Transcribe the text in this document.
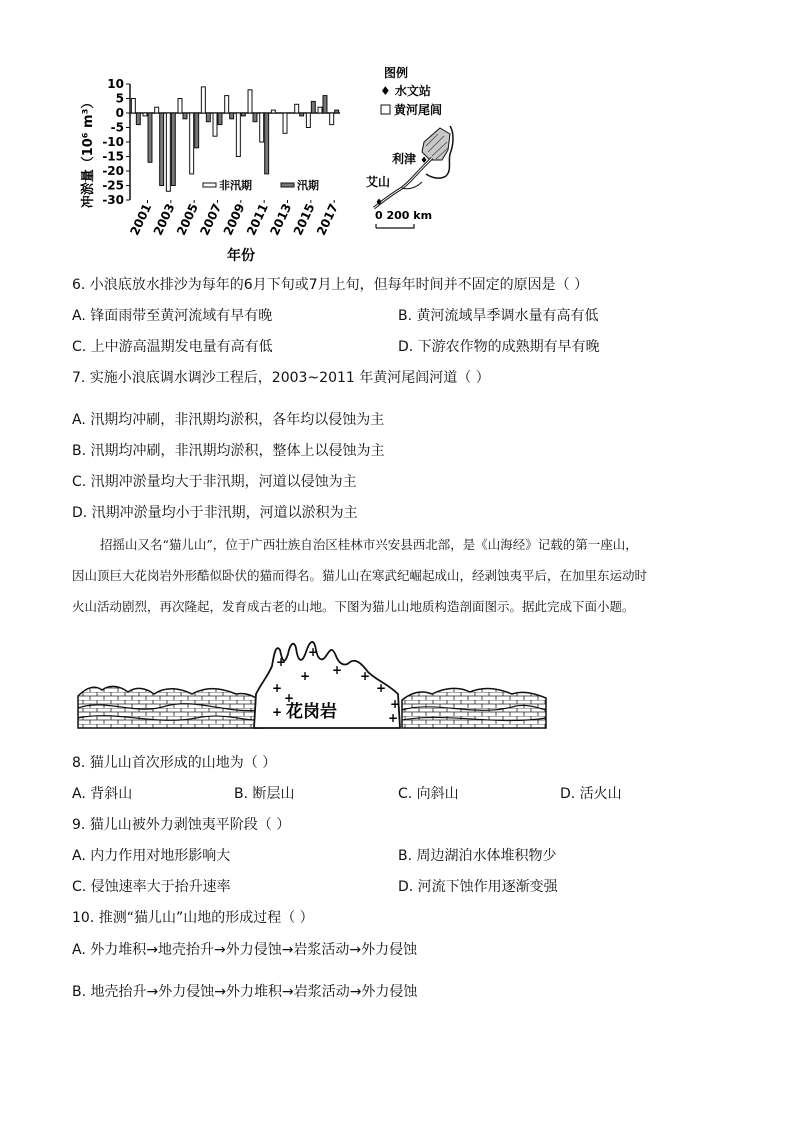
冲淤量（10⁶ m³）
10
5
0
-5
-10
-15
-20
-25
-30
2001
2003
2005
2007
2009
2011
2013
2015
2017
非汛期	汛期
年份
图例
♦ 水文站
黄河尾闾
♦
♦
利津
艾山
0 200 km
6. 小浪底放水排沙为每年的6月下旬或7月上旬，但每年时间并不固定的原因是（ ）
A. 锋面雨带至黄河流域有早有晚	B. 黄河流域旱季调水量有高有低
C. 上中游高温期发电量有高有低	D. 下游农作物的成熟期有早有晚
7. 实施小浪底调水调沙工程后，2003~2011 年黄河尾闾河道（ ）
A. 汛期均冲刷，非汛期均淤积，各年均以侵蚀为主
B. 汛期均冲刷，非汛期均淤积，整体上以侵蚀为主
C. 汛期冲淤量均大于非汛期，河道以侵蚀为主
D. 汛期冲淤量均小于非汛期，河道以淤积为主
招摇山又名“猫儿山”，位于广西壮族自治区桂林市兴安县西北部，是《山海经》记载的第一座山，
因山顶巨大花岗岩外形酷似卧伏的猫而得名。猫儿山在寒武纪崛起成山，经剥蚀夷平后，在加里东运动时
火山活动剧烈，再次隆起，发育成古老的山地。下图为猫儿山地质构造剖面图示。据此完成下面小题。
+
+
+
+ + +
+
+	+
+	+
花岗岩
8. 猫儿山首次形成的山地为（ ）
A. 背斜山	B. 断层山	C. 向斜山	D. 活火山
9. 猫儿山被外力剥蚀夷平阶段（ ）
A. 内力作用对地形影响大	B. 周边湖泊水体堆积物少
C. 侵蚀速率大于抬升速率	D. 河流下蚀作用逐渐变强
10. 推测“猫儿山”山地的形成过程（ ）
A. 外力堆积→地壳抬升→外力侵蚀→岩浆活动→外力侵蚀
B. 地壳抬升→外力侵蚀→外力堆积→岩浆活动→外力侵蚀
